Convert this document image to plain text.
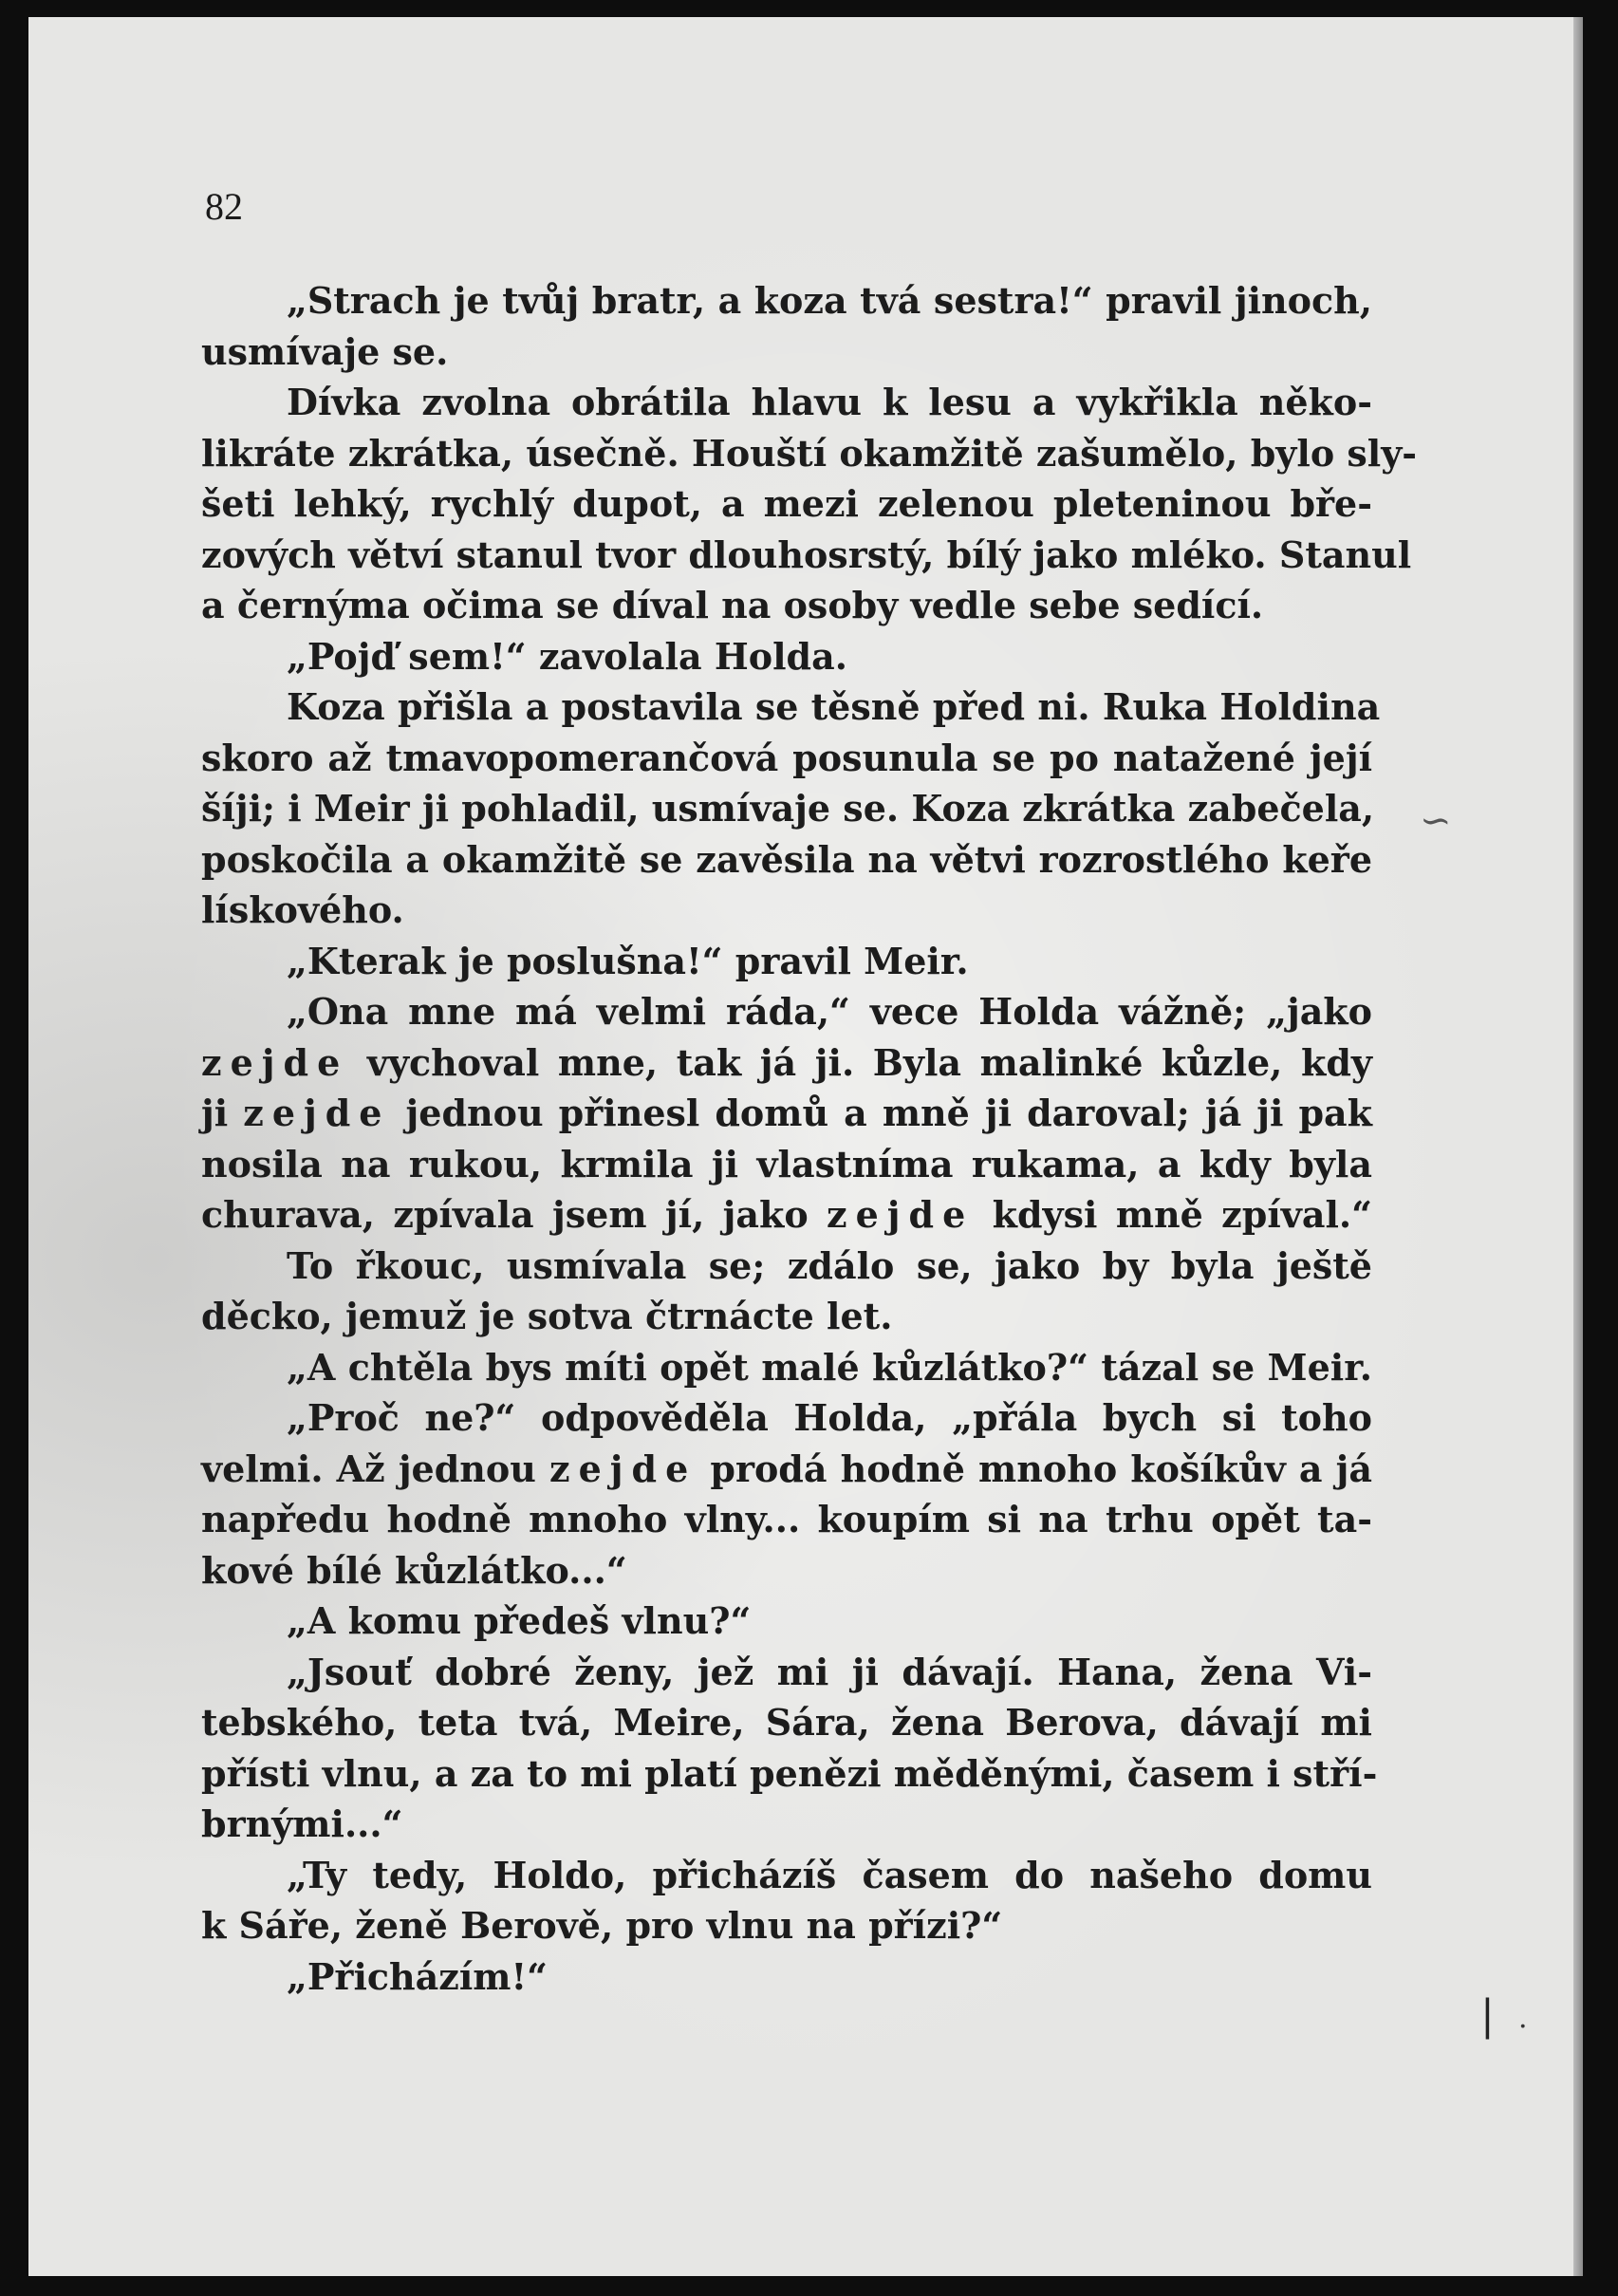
82

„Strach je tvůj bratr, a koza tvá sestra!“ pravil jinoch,
usmívaje se.
Dívka zvolna obrátila hlavu k lesu a vykřikla něko-
likráte zkrátka, úsečně. Houští okamžitě zašumělo, bylo sly-
šeti lehký, rychlý dupot, a mezi zelenou pleteninou bře-
zových větví stanul tvor dlouhosrstý, bílý jako mléko. Stanul
a černýma očima se díval na osoby vedle sebe sedící.
„Pojď sem!“ zavolala Holda.
Koza přišla a postavila se těsně před ni. Ruka Holdina
skoro až tmavopomerančová posunula se po natažené její
šíji; i Meir ji pohladil, usmívaje se. Koza zkrátka zabečela,
poskočila a okamžitě se zavěsila na větvi rozrostlého keře
lískového.
„Kterak je poslušna!“ pravil Meir.
„Ona mne má velmi ráda,“ vece Holda vážně; „jako
zejde vychoval mne, tak já ji. Byla malinké kůzle, kdy
ji zejde jednou přinesl domů a mně ji daroval; já ji pak
nosila na rukou, krmila ji vlastníma rukama, a kdy byla
churava, zpívala jsem jí, jako zejde kdysi mně zpíval.“
To řkouc, usmívala se; zdálo se, jako by byla ještě
děcko, jemuž je sotva čtrnácte let.
„A chtěla bys míti opět malé kůzlátko?“ tázal se Meir.
„Proč ne?“ odpověděla Holda, „přála bych si toho
velmi. Až jednou zejde prodá hodně mnoho košíkův a já
napředu hodně mnoho vlny... koupím si na trhu opět ta-
kové bílé kůzlátko...“
„A komu předeš vlnu?“
„Jsouť dobré ženy, jež mi ji dávají. Hana, žena Vi-
tebského, teta tvá, Meire, Sára, žena Berova, dávají mi
přísti vlnu, a za to mi platí penězi měděnými, časem i stří-
brnými...“
„Ty tedy, Holdo, přicházíš časem do našeho domu
k Sáře, ženě Berově, pro vlnu na přízi?“
„Přicházím!“
∽
| ·
